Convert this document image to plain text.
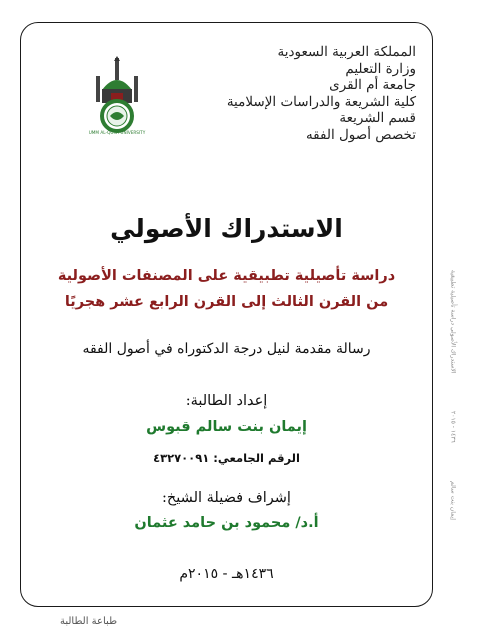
المملكة العربية السعودية
وزارة التعليم
جامعة أم القرى
كلية الشريعة والدراسات الإسلامية
قسم الشريعة
تخصص أصول الفقه
UMM AL-QURA UNIVERSITY
الاستدراك الأصولي
دراسة تأصيلية تطبيقية على المصنفات الأصولية
من القرن الثالث إلى القرن الرابع عشر هجريًا
رسالة مقدمة لنيل درجة الدكتوراه في أصول الفقه
إعداد الطالبة:
إيمان بنت سالم قبوس
الرقم الجامعي: ٤٣٢٧٠٠٩١
إشراف فضيلة الشيخ:
أ.د/ محمود بن حامد عثمان
١٤٣٦هـ - ٢٠١٥م
الاستدراك الأصولي دراسة تأصيلية تطبيقية
١٤٣٦ - ٢٠١٥
إيمان بنت سالم
طباعة الطالبة
